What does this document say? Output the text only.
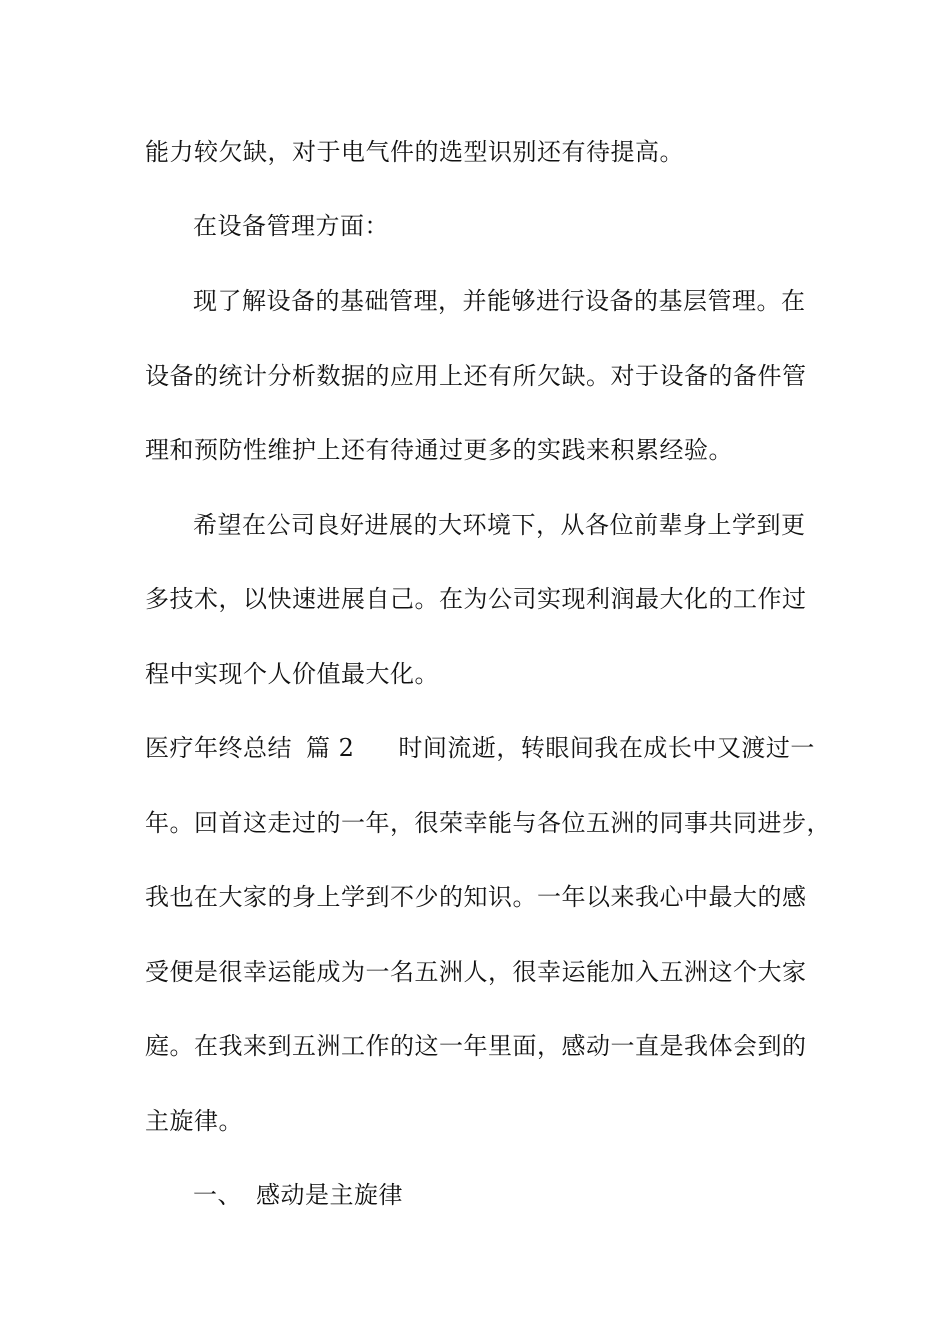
能力较欠缺，对于电气件的选型识别还有待提高。
在设备管理方面：
现了解设备的基础管理，并能够进行设备的基层管理。在
设备的统计分析数据的应用上还有所欠缺。对于设备的备件管
理和预防性维护上还有待通过更多的实践来积累经验。
希望在公司良好进展的大环境下，从各位前辈身上学到更
多技术，以快速进展自己。在为公司实现利润最大化的工作过
程中实现个人价值最大化。
医疗年终总结 篇 2 时间流逝，转眼间我在成长中又渡过一
年。回首这走过的一年，很荣幸能与各位五洲的同事共同进步，
我也在大家的身上学到不少的知识。一年以来我心中最大的感
受便是很幸运能成为一名五洲人，很幸运能加入五洲这个大家
庭。在我来到五洲工作的这一年里面，感动一直是我体会到的
主旋律。
一、 感动是主旋律
